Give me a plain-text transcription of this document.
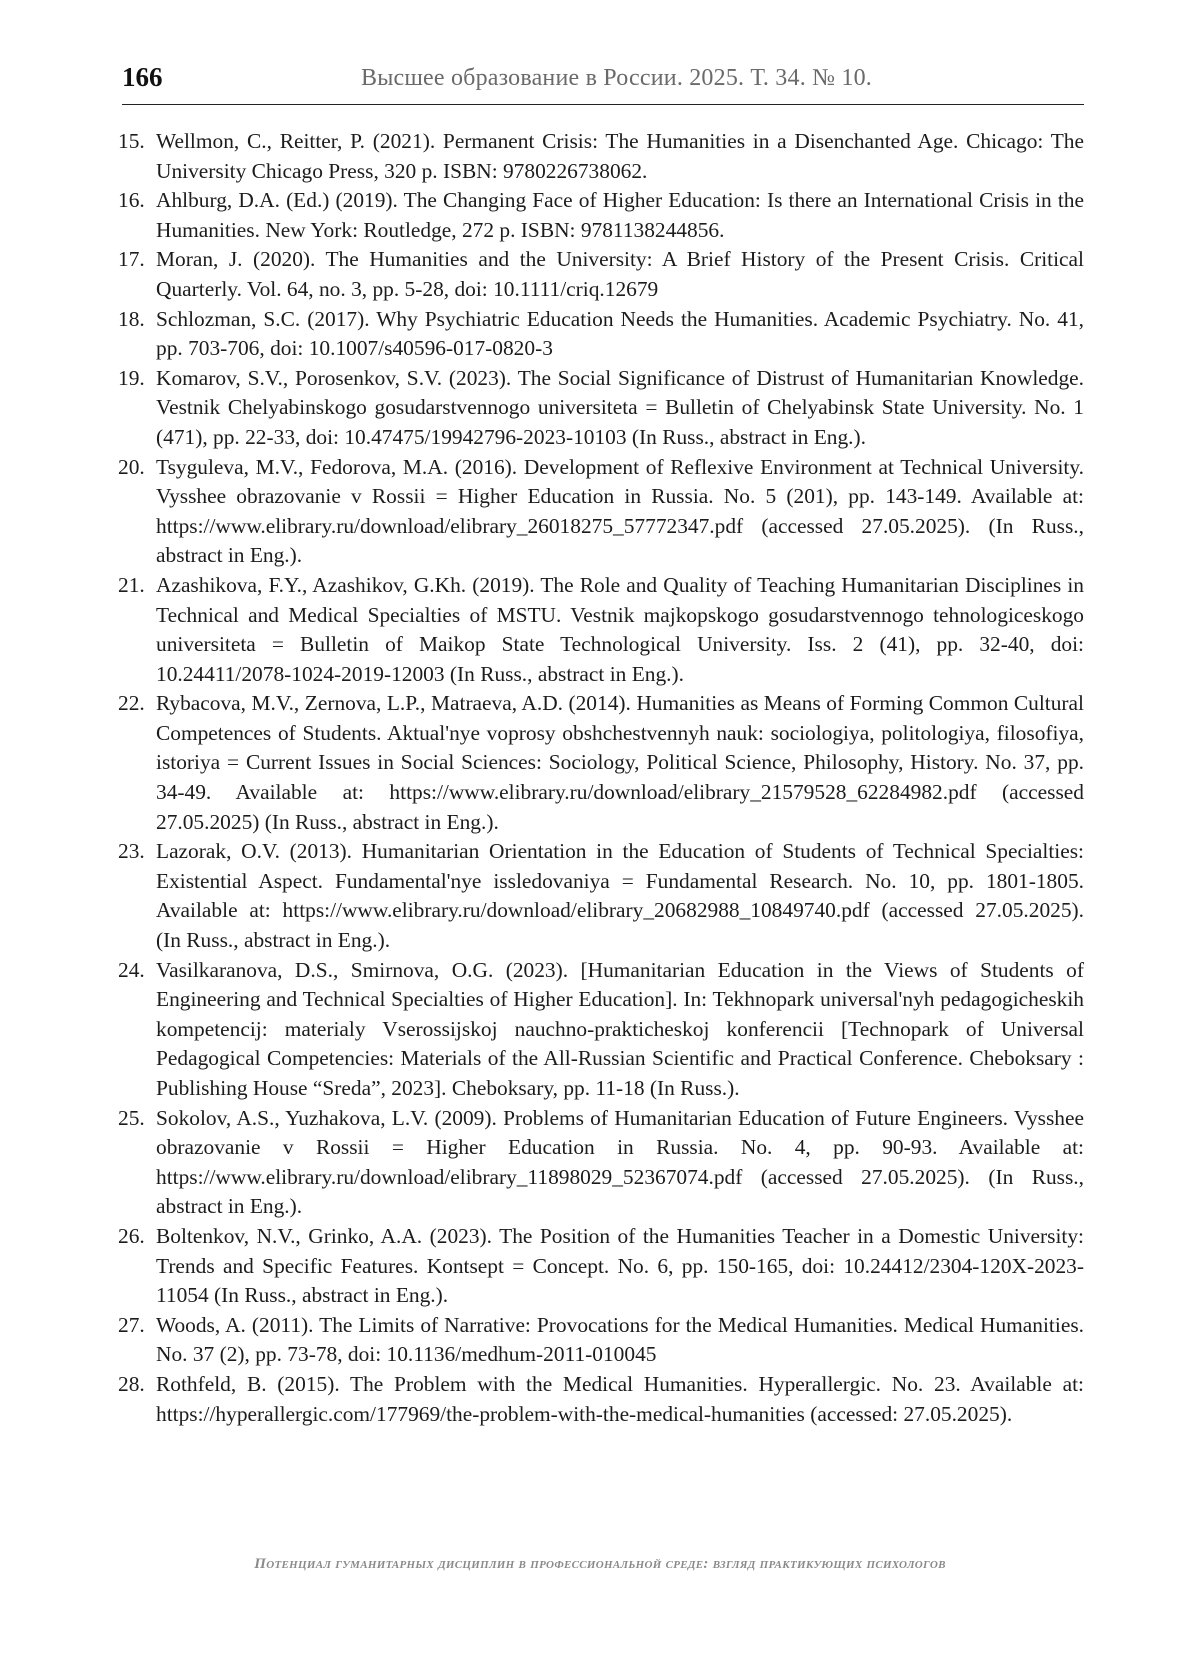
166	Высшее образование в России. 2025. Т. 34. № 10.
15. Wellmon, C., Reitter, P. (2021). Permanent Crisis: The Humanities in a Disenchanted Age. Chicago: The University Chicago Press, 320 p. ISBN: 9780226738062.
16. Ahlburg, D.A. (Ed.) (2019). The Changing Face of Higher Education: Is there an International Crisis in the Humanities. New York: Routledge, 272 p. ISBN: 9781138244856.
17. Moran, J. (2020). The Humanities and the University: A Brief History of the Present Crisis. Critical Quarterly. Vol. 64, no. 3, pp. 5-28, doi: 10.1111/criq.12679
18. Schlozman, S.C. (2017). Why Psychiatric Education Needs the Humanities. Academic Psychiatry. No. 41, pp. 703-706, doi: 10.1007/s40596-017-0820-3
19. Komarov, S.V., Porosenkov, S.V. (2023). The Social Significance of Distrust of Humanitarian Knowledge. Vestnik Chelyabinskogo gosudarstvennogo universiteta = Bulletin of Chelyabinsk State University. No. 1 (471), pp. 22-33, doi: 10.47475/19942796-2023-10103 (In Russ., abstract in Eng.).
20. Tsyguleva, M.V., Fedorova, M.A. (2016). Development of Reflexive Environment at Technical University. Vysshee obrazovanie v Rossii = Higher Education in Russia. No. 5 (201), pp. 143-149. Available at: https://www.elibrary.ru/download/elibrary_26018275_57772347.pdf (accessed 27.05.2025). (In Russ., abstract in Eng.).
21. Azashikova, F.Y., Azashikov, G.Kh. (2019). The Role and Quality of Teaching Humanitarian Disciplines in Technical and Medical Specialties of MSTU. Vestnik majkopskogo gosudarstvennogo tehnologiceskogo universiteta = Bulletin of Maikop State Technological University. Iss. 2 (41), pp. 32-40, doi: 10.24411/2078-1024-2019-12003 (In Russ., abstract in Eng.).
22. Rybacova, M.V., Zernova, L.P., Matraeva, A.D. (2014). Humanities as Means of Forming Common Cultural Competences of Students. Aktual'nye voprosy obshchestvennyh nauk: sociologiya, politologiya, filosofiya, istoriya = Current Issues in Social Sciences: Sociology, Political Science, Philosophy, History. No. 37, pp. 34-49. Available at: https://www.elibrary.ru/download/elibrary_21579528_62284982.pdf (accessed 27.05.2025) (In Russ., abstract in Eng.).
23. Lazorak, O.V. (2013). Humanitarian Orientation in the Education of Students of Technical Specialties: Existential Aspect. Fundamental'nye issledovaniya = Fundamental Research. No. 10, pp. 1801-1805. Available at: https://www.elibrary.ru/download/elibrary_20682988_10849740.pdf (accessed 27.05.2025). (In Russ., abstract in Eng.).
24. Vasilkaranova, D.S., Smirnova, O.G. (2023). [Humanitarian Education in the Views of Students of Engineering and Technical Specialties of Higher Education]. In: Tekhnopark universal'nyh pedagogicheskih kompetencij: materialy Vserossijskoj nauchno-prakticheskoj konferencii [Technopark of Universal Pedagogical Competencies: Materials of the All-Russian Scientific and Practical Conference. Cheboksary : Publishing House “Sreda”, 2023]. Cheboksary, pp. 11-18 (In Russ.).
25. Sokolov, A.S., Yuzhakova, L.V. (2009). Problems of Humanitarian Education of Future Engineers. Vysshee obrazovanie v Rossii = Higher Education in Russia. No. 4, pp. 90-93. Available at: https://www.elibrary.ru/download/elibrary_11898029_52367074.pdf (accessed 27.05.2025). (In Russ., abstract in Eng.).
26. Boltenkov, N.V., Grinko, A.A. (2023). The Position of the Humanities Teacher in a Domestic University: Trends and Specific Features. Kontsept = Concept. No. 6, pp. 150-165, doi: 10.24412/2304-120X-2023-11054 (In Russ., abstract in Eng.).
27. Woods, A. (2011). The Limits of Narrative: Provocations for the Medical Humanities. Medical Humanities. No. 37 (2), pp. 73-78, doi: 10.1136/medhum-2011-010045
28. Rothfeld, B. (2015). The Problem with the Medical Humanities. Hyperallergic. No. 23. Available at: https://hyperallergic.com/177969/the-problem-with-the-medical-humanities (accessed: 27.05.2025).
Потенциал гуманитарных дисциплин в профессиональной среде: взгляд практикующих психологов
